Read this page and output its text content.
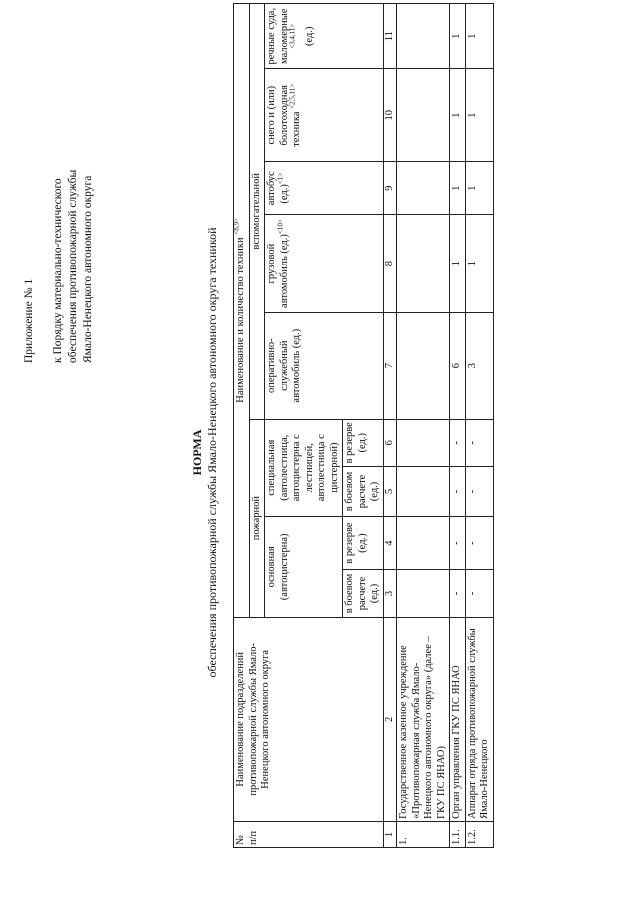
Приложение № 1 к Порядку материально-технического обеспечения противопожарной службы Ямало-Ненецкого автономного округа
НОРМА обеспечения противопожарной службы Ямало-Ненецкого автономного округа техникой
№ п/п	Наименование подразделений противопожарной службы Ямало-Ненецкого автономного округа	Наименование и количество техники $^{<8,9>}$
		пожарной				вспомогательной				
		основная (автоцистерна)		специальная (автолестница, автоцистерна с лестницей, автолестница с цистерной)		оперативно-служебный автомобиль (ед.)	грузовой автомобиль $(ед.)^{<10>}$	автобус $(ед.)^{<1>}$	снего и (или) болотоходная техника $^{<2,5,11>}$	речные суда, маломерные $^{<3,4,11>}$ (ед.)
		в боевом расчете (ед.)	в резерве (ед.)	в боевом расчете (ед.)	в резерве (ед.)					
1	2	3	4	5	6	7	8	9	10	11
1.	Государственное казенное учреждение «Противопожарная служба Ямало-Ненецкого автономного округа» (далее – ГКУ ПС ЯНАО)									
1.1.	Орган управления ГКУ ПС ЯНАО	-	-	-	-	6	1	1	1	1
1.2.	Аппарат отряда противопожарной службы Ямало-Ненецкого	-	-	-	-	3	1	1	1	1
